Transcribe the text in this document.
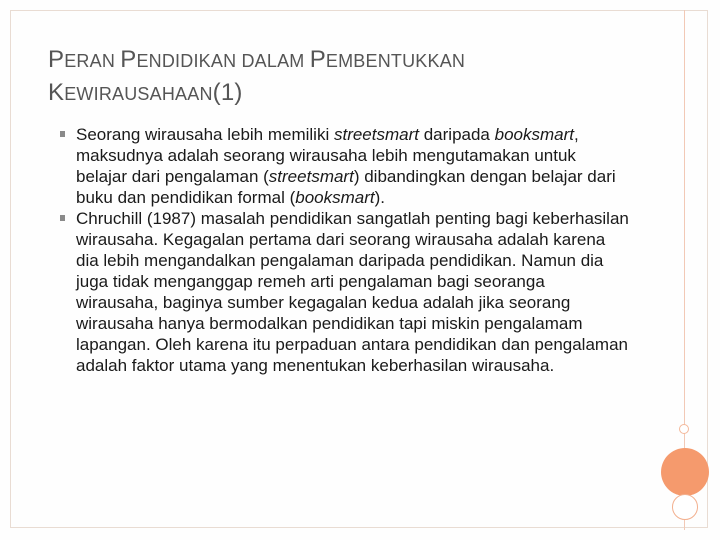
PERAN PENDIDIKAN DALAM PEMBENTUKKAN
KEWIRAUSAHAAN(1)

Seorang wirausaha lebih memiliki streetsmart daripada booksmart, maksudnya adalah seorang wirausaha lebih mengutamakan untuk belajar dari pengalaman (streetsmart) dibandingkan dengan belajar dari buku dan pendidikan formal (booksmart).

Chruchill (1987) masalah pendidikan sangatlah penting bagi keberhasilan wirausaha. Kegagalan pertama dari seorang wirausaha adalah karena dia lebih mengandalkan pengalaman daripada pendidikan. Namun dia juga tidak menganggap remeh arti pengalaman bagi seoranga wirausaha, baginya sumber kegagalan kedua adalah jika seorang wirausaha hanya bermodalkan pendidikan tapi miskin pengalamam lapangan. Oleh karena itu perpaduan antara pendidikan dan pengalaman adalah faktor utama yang menentukan keberhasilan wirausaha.
